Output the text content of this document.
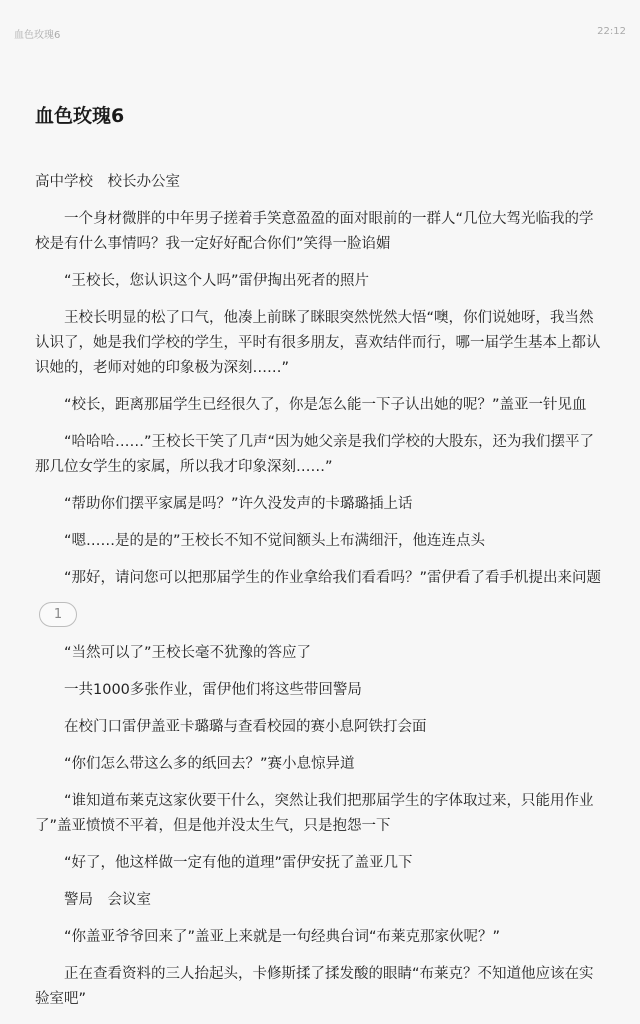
血色玫瑰6	22:12
血色玫瑰6

高中学校　校长办公室

一个身材微胖的中年男子搓着手笑意盈盈的面对眼前的一群人“几位大驾光临我的学校是有什么事情吗？我一定好好配合你们”笑得一脸谄媚

“王校长，您认识这个人吗”雷伊掏出死者的照片

王校长明显的松了口气，他凑上前眯了眯眼突然恍然大悟“噢，你们说她呀，我当然认识了，她是我们学校的学生，平时有很多朋友，喜欢结伴而行，哪一届学生基本上都认识她的，老师对她的印象极为深刻……”

“校长，距离那届学生已经很久了，你是怎么能一下子认出她的呢？”盖亚一针见血

“哈哈哈……”王校长干笑了几声“因为她父亲是我们学校的大股东，还为我们摆平了那几位女学生的家属，所以我才印象深刻……”

“帮助你们摆平家属是吗？”许久没发声的卡璐璐插上话

“嗯……是的是的”王校长不知不觉间额头上布满细汗，他连连点头

“那好，请问您可以把那届学生的作业拿给我们看看吗？”雷伊看了看手机提出来问题

1

“当然可以了”王校长毫不犹豫的答应了

一共1000多张作业，雷伊他们将这些带回警局

在校门口雷伊盖亚卡璐璐与查看校园的赛小息阿铁打会面

“你们怎么带这么多的纸回去？”赛小息惊异道

“谁知道布莱克这家伙要干什么，突然让我们把那届学生的字体取过来，只能用作业了”盖亚愤愤不平着，但是他并没太生气，只是抱怨一下

“好了，他这样做一定有他的道理”雷伊安抚了盖亚几下

警局　会议室

“你盖亚爷爷回来了”盖亚上来就是一句经典台词“布莱克那家伙呢？”

正在查看资料的三人抬起头，卡修斯揉了揉发酸的眼睛“布莱克？不知道他应该在实验室吧”
